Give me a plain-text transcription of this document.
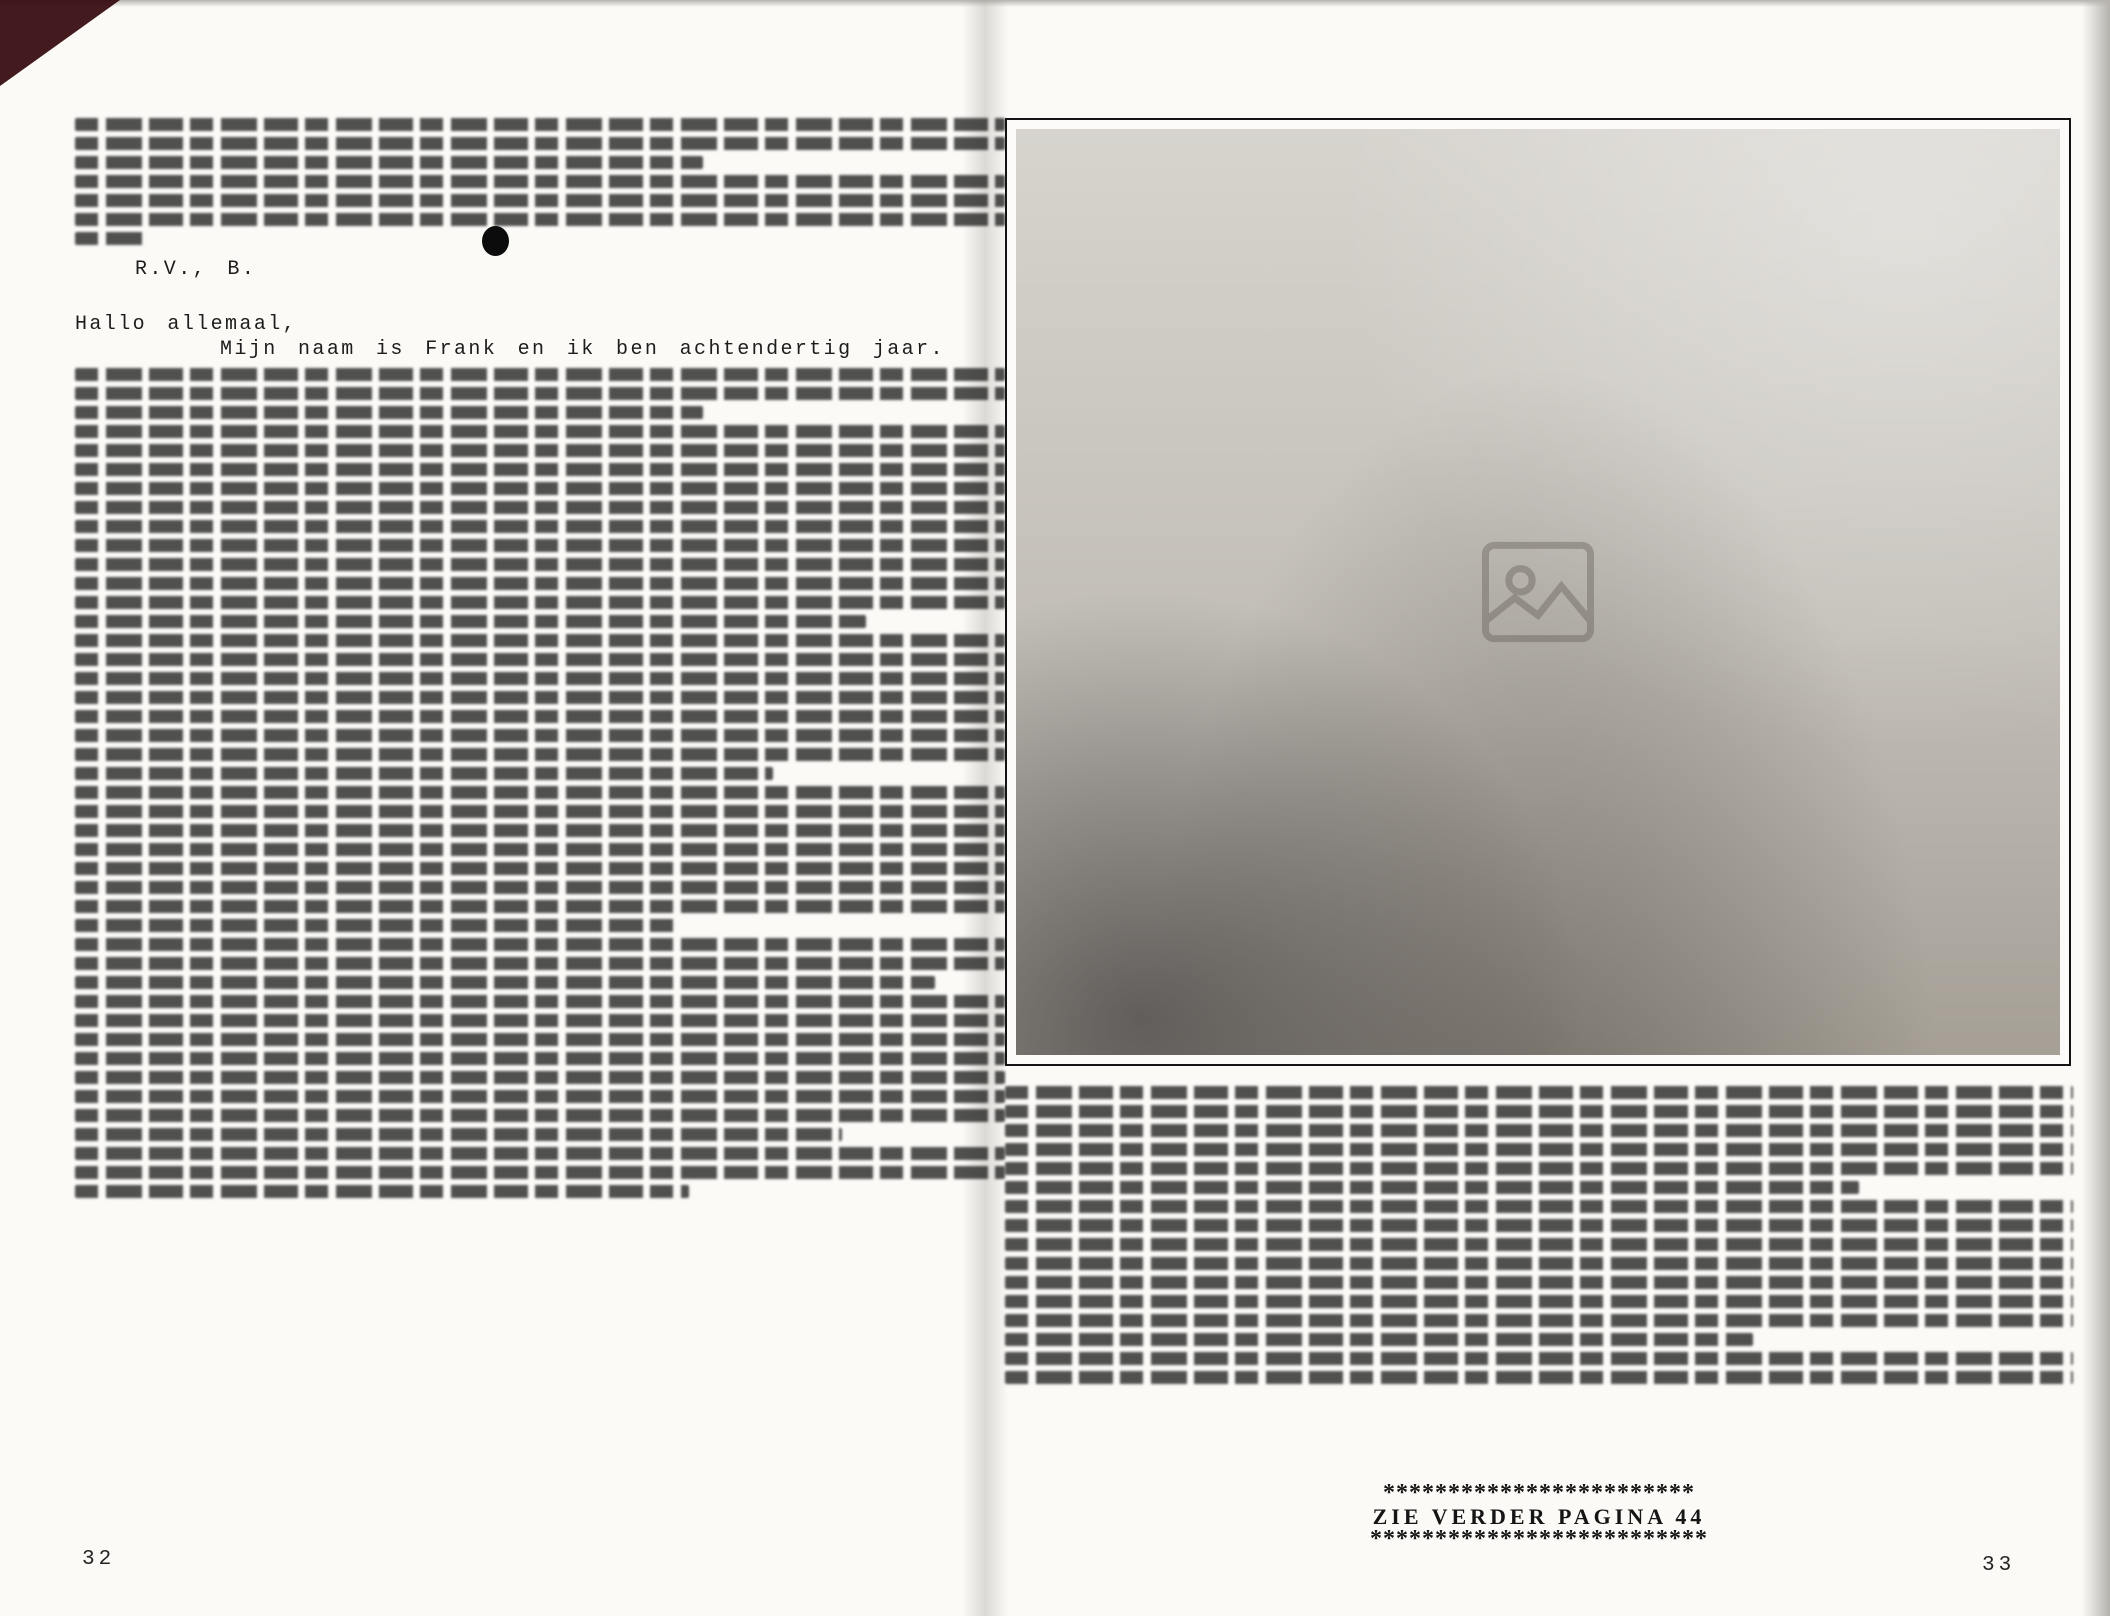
R.V., B.

Hallo allemaal,

Mijn naam is Frank en ik ben achtendertig jaar.

************************
ZIE VERDER PAGINA 44
**************************
32	33
